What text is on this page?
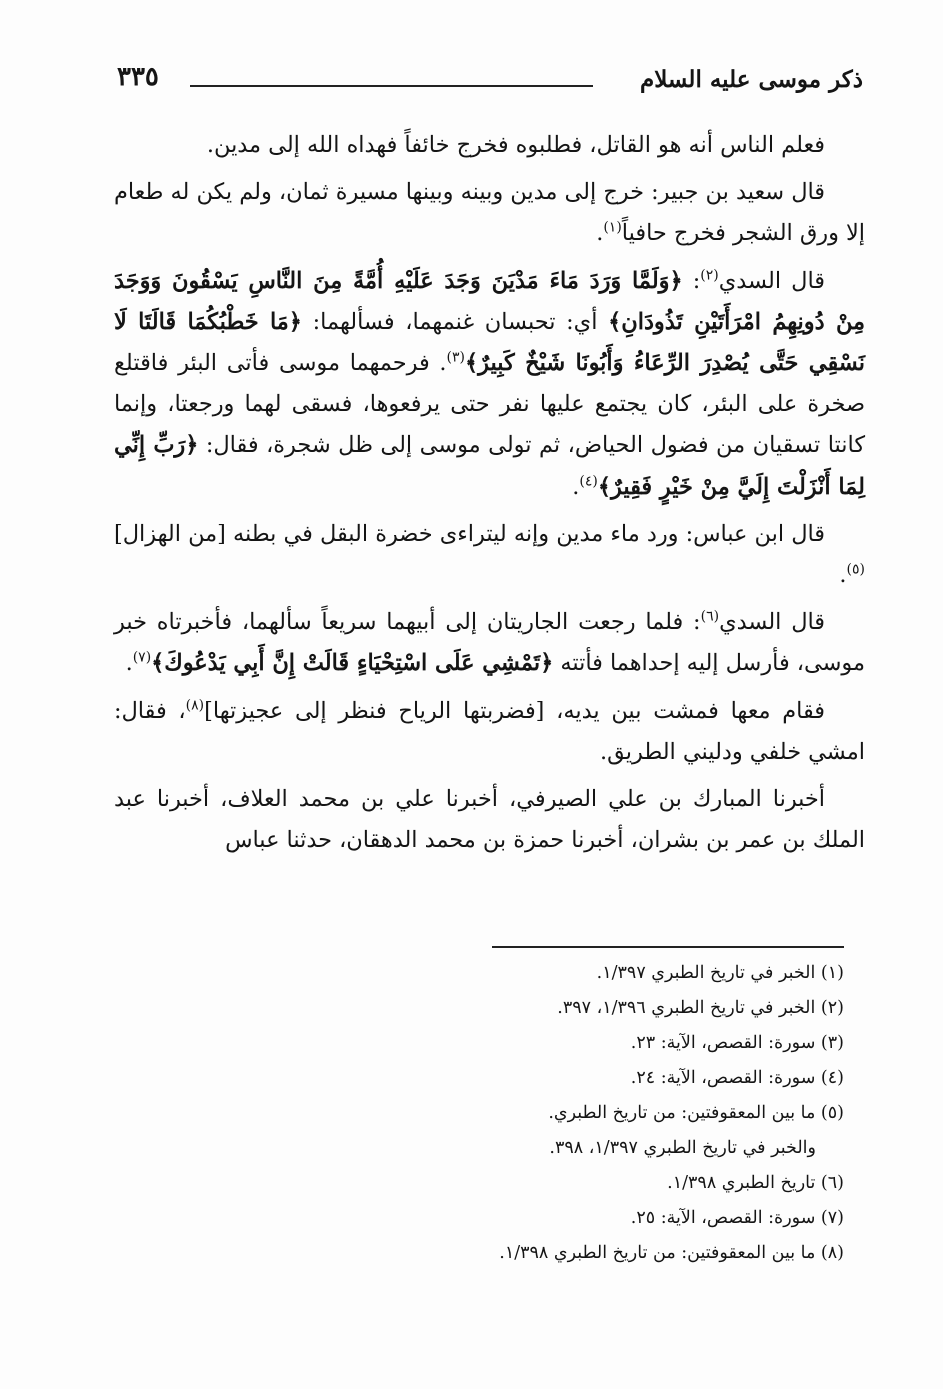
ذكر موسى عليه السلام
٣٣٥

فعلم الناس أنه هو القاتل، فطلبوه فخرج خائفاً فهداه الله إلى مدين.

قال سعيد بن جبير: خرج إلى مدين وبينه وبينها مسيرة ثمان، ولم يكن له طعام إلا ورق الشجر فخرج حافياً$^{(١)}$.

قال السدي$^{(٢)}$: ﴿وَلَمَّا وَرَدَ مَاءَ مَدْيَنَ وَجَدَ عَلَيْهِ أُمَّةً مِنَ النَّاسِ يَسْقُونَ وَوَجَدَ مِنْ دُونِهِمُ امْرَأَتَيْنِ تَذُودَانِ﴾ أي: تحبسان غنمهما، فسألهما: ﴿مَا خَطْبُكُمَا قَالَتَا لَا نَسْقِي حَتَّى يُصْدِرَ الرِّعَاءُ وَأَبُونَا شَيْخٌ كَبِيرٌ﴾$^{(٣)}$. فرحمهما موسى فأتى البئر فاقتلع صخرة على البئر، كان يجتمع عليها نفر حتى يرفعوها، فسقى لهما ورجعتا، وإنما كانتا تسقيان من فضول الحياض، ثم تولى موسى إلى ظل شجرة، فقال: ﴿رَبِّ إِنِّي لِمَا أَنْزَلْتَ إِلَيَّ مِنْ خَيْرٍ فَقِيرٌ﴾$^{(٤)}$.

قال ابن عباس: ورد ماء مدين وإنه ليتراءى خضرة البقل في بطنه [من الهزال]$^{(٥)}$.

قال السدي$^{(٦)}$: فلما رجعت الجاريتان إلى أبيهما سريعاً سألهما، فأخبرتاه خبر موسى، فأرسل إليه إحداهما فأتته ﴿تَمْشِي عَلَى اسْتِحْيَاءٍ قَالَتْ إِنَّ أَبِي يَدْعُوكَ﴾$^{(٧)}$.

فقام معها فمشت بين يديه، [فضربتها الرياح فنظر إلى عجيزتها]$^{(٨)}$، فقال: امشي خلفي ودليني الطريق.

أخبرنا المبارك بن علي الصيرفي، أخبرنا علي بن محمد العلاف، أخبرنا عبد الملك بن عمر بن بشران، أخبرنا حمزة بن محمد الدهقان، حدثنا عباس

(١) الخبر في تاريخ الطبري ١/٣٩٧.
(٢) الخبر في تاريخ الطبري ١/٣٩٦، ٣٩٧.
(٣) سورة: القصص، الآية: ٢٣.
(٤) سورة: القصص، الآية: ٢٤.
(٥) ما بين المعقوفتين: من تاريخ الطبري.
والخبر في تاريخ الطبري ١/٣٩٧، ٣٩٨.
(٦) تاريخ الطبري ١/٣٩٨.
(٧) سورة: القصص، الآية: ٢٥.
(٨) ما بين المعقوفتين: من تاريخ الطبري ١/٣٩٨.
